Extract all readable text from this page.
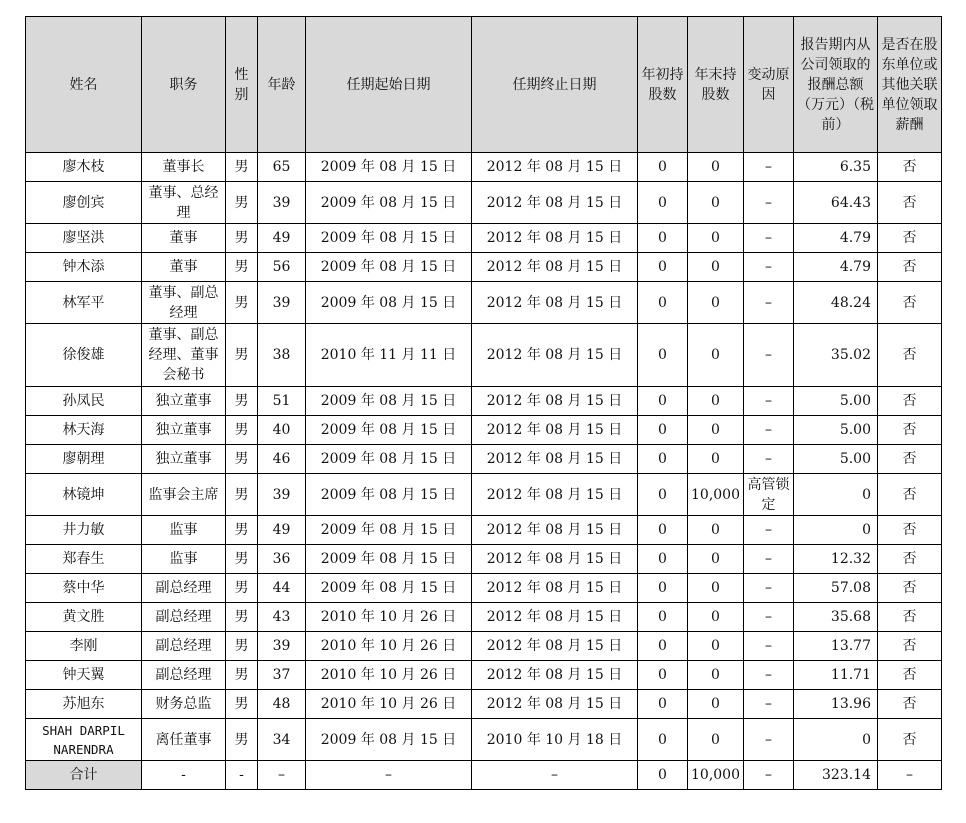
姓名	职务	性别	年龄	任期起始日期	任期终止日期	年初持股数	年末持股数	变动原因	报告期内从公司领取的报酬总额（万元）（税前）	是否在股东单位或其他关联单位领取薪酬
廖木枝	董事长	男	65	2009 年 08 月 15 日	2012 年 08 月 15 日	0	0	–	6.35	否
廖创宾	董事、总经理	男	39	2009 年 08 月 15 日	2012 年 08 月 15 日	0	0	–	64.43	否
廖坚洪	董事	男	49	2009 年 08 月 15 日	2012 年 08 月 15 日	0	0	–	4.79	否
钟木添	董事	男	56	2009 年 08 月 15 日	2012 年 08 月 15 日	0	0	–	4.79	否
林军平	董事、副总经理	男	39	2009 年 08 月 15 日	2012 年 08 月 15 日	0	0	–	48.24	否
徐俊雄	董事、副总经理、董事会秘书	男	38	2010 年 11 月 11 日	2012 年 08 月 15 日	0	0	–	35.02	否
孙凤民	独立董事	男	51	2009 年 08 月 15 日	2012 年 08 月 15 日	0	0	–	5.00	否
林天海	独立董事	男	40	2009 年 08 月 15 日	2012 年 08 月 15 日	0	0	–	5.00	否
廖朝理	独立董事	男	46	2009 年 08 月 15 日	2012 年 08 月 15 日	0	0	–	5.00	否
林镜坤	监事会主席	男	39	2009 年 08 月 15 日	2012 年 08 月 15 日	0	10,000	高管锁定	0	否
井力敏	监事	男	49	2009 年 08 月 15 日	2012 年 08 月 15 日	0	0	–	0	否
郑春生	监事	男	36	2009 年 08 月 15 日	2012 年 08 月 15 日	0	0	–	12.32	否
蔡中华	副总经理	男	44	2009 年 08 月 15 日	2012 年 08 月 15 日	0	0	–	57.08	否
黄文胜	副总经理	男	43	2010 年 10 月 26 日	2012 年 08 月 15 日	0	0	–	35.68	否
李刚	副总经理	男	39	2010 年 10 月 26 日	2012 年 08 月 15 日	0	0	–	13.77	否
钟天翼	副总经理	男	37	2010 年 10 月 26 日	2012 年 08 月 15 日	0	0	–	11.71	否
苏旭东	财务总监	男	48	2010 年 10 月 26 日	2012 年 08 月 15 日	0	0	–	13.96	否
SHAH DARPIL NARENDRA	离任董事	男	34	2009 年 08 月 15 日	2010 年 10 月 18 日	0	0	–	0	否
合计	-	-	–	–	–	0	10,000	–	323.14	–
